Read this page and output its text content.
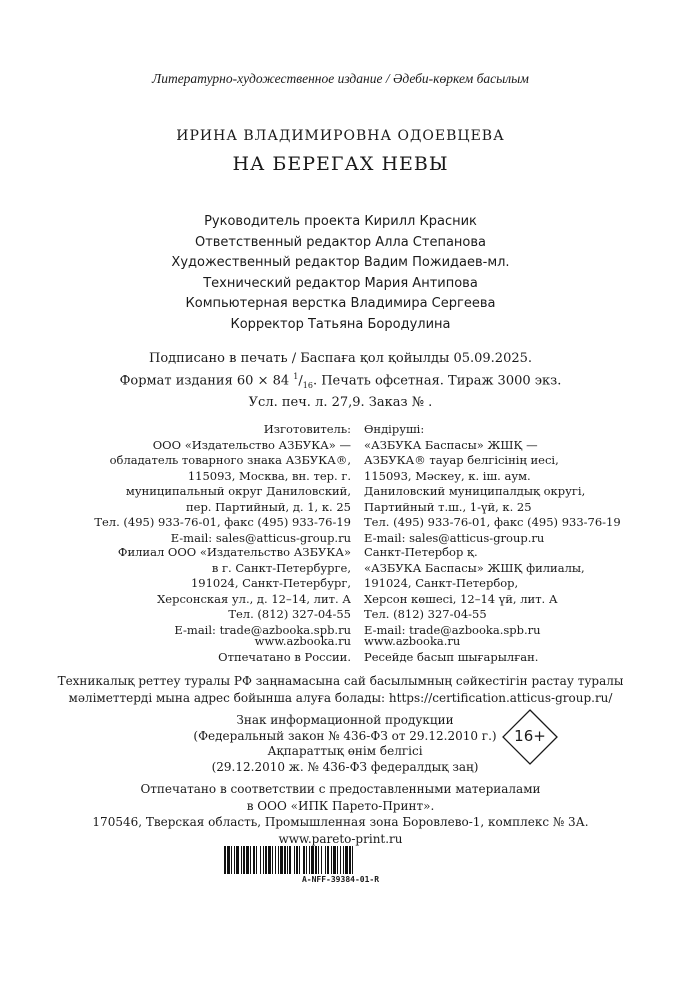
Литературно-художественное издание / Әдеби-көркем басылым
ИРИНА ВЛАДИМИРОВНА ОДОЕВЦЕВА
НА БЕРЕГАХ НЕВЫ
Руководитель проекта Кирилл Красник
Ответственный редактор Алла Степанова
Художественный редактор Вадим Пожидаев-мл.
Технический редактор Мария Антипова
Компьютерная верстка Владимира Сергеева
Корректор Татьяна Бородулина
Подписано в печать / Баспаға қол қойылды 05.09.2025.
Формат издания 60 × 84 $^1/_{16}$. Печать офсетная. Тираж 3000 экз.
Усл. печ. л. 27,9. Заказ № .
Изготовитель:
ООО «Издательство АЗБУКА» —
обладатель товарного знака АЗБУКА®,
115093, Москва, вн. тер. г.
муниципальный округ Даниловский,
пер. Партийный, д. 1, к. 25
Тел. (495) 933-76-01, факс (495) 933-76-19
E-mail: sales@atticus-group.ru
Өндіруші:
«АЗБУКА Баспасы» ЖШҚ —
АЗБУКА® тауар белгісінің иесі,
115093, Мәскеу, к. іш. аум.
Даниловский муниципалдық округі,
Партийный т.ш., 1-үй, к. 25
Тел. (495) 933-76-01, факс (495) 933-76-19
E-mail: sales@atticus-group.ru
Филиал ООО «Издательство АЗБУКА»
в г. Санкт-Петербурге,
191024, Санкт-Петербург,
Херсонская ул., д. 12–14, лит. А
Тел. (812) 327-04-55
E-mail: trade@azbooka.spb.ru
Санкт-Петербор қ.
«АЗБУКА Баспасы» ЖШҚ филиалы,
191024, Санкт-Петербор,
Херсон көшесі, 12–14 үй, лит. А
Тел. (812) 327-04-55
E-mail: trade@azbooka.spb.ru
www.azbooka.ru
Отпечатано в России.
www.azbooka.ru
Ресейде басып шығарылған.
Техникалық реттеу туралы РФ заңнамасына сай басылымның сәйкестігін растау туралы
мәліметтерді мына адрес бойынша алуға болады: https://certification.atticus-group.ru/
Знак информационной продукции
(Федеральный закон № 436-ФЗ от 29.12.2010 г.)
Ақпараттық өнім белгісі
(29.12.2010 ж. № 436-ФЗ федералдық заң)
16+
Отпечатано в соответствии с предоставленными материалами
в ООО «ИПК Парето-Принт».
170546, Тверская область, Промышленная зона Боровлево-1, комплекс № 3А.
www.pareto-print.ru
A-NFF-39384-01-R
